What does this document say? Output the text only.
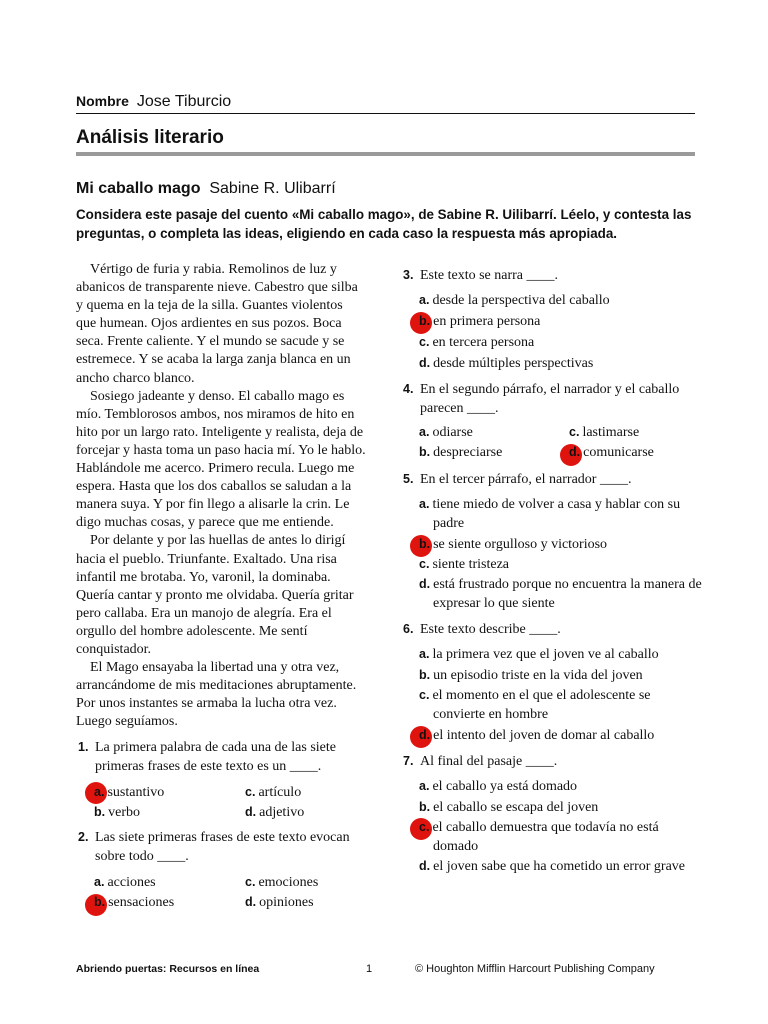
Nombre Jose Tiburcio
Análisis literario
Mi caballo mago Sabine R. Ulibarrí
Considera este pasaje del cuento «Mi caballo mago», de Sabine R. Uilibarrí. Léelo, y contesta las preguntas, o completa las ideas, eligiendo en cada caso la respuesta más apropiada.

Vértigo de furia y rabia. Remolinos de luz y abanicos de transparente nieve. Cabestro que silba y quema en la teja de la silla. Guantes violentos que humean. Ojos ardientes en sus pozos. Boca seca. Frente caliente. Y el mundo se sacude y se estremece. Y se acaba la larga zanja blanca en un ancho charco blanco.

Sosiego jadeante y denso. El caballo mago es mío. Temblorosos ambos, nos miramos de hito en hito por un largo rato. Inteligente y realista, deja de forcejar y hasta toma un paso hacia mí. Yo le hablo. Hablándole me acerco. Primero recula. Luego me espera. Hasta que los dos caballos se saludan a la manera suya. Y por fin llego a alisarle la crin. Le digo muchas cosas, y parece que me entiende.

Por delante y por las huellas de antes lo dirigí hacia el pueblo. Triunfante. Exaltado. Una risa infantil me brotaba. Yo, varonil, la dominaba. Quería cantar y pronto me olvidaba. Quería gritar pero callaba. Era un manojo de alegría. Era el orgullo del hombre adolescente. Me sentí conquistador.

El Mago ensayaba la libertad una y otra vez, arrancándome de mis meditaciones abruptamente. Por unos instantes se armaba la lucha otra vez. Luego seguíamos.

1. La primera palabra de cada una de las siete
primeras frases de este texto es un ____.
a. sustantivo
b. verbo
c. artículo
d. adjetivo
2. Las siete primeras frases de este texto evocan
sobre todo ____.
a. acciones
b. sensaciones
c. emociones
d. opiniones
3. Este texto se narra ____.
a. desde la perspectiva del caballo
b. en primera persona
c. en tercera persona
d. desde múltiples perspectivas
4. En el segundo párrafo, el narrador y el caballo
parecen ____.
a. odiarse
b. despreciarse
c. lastimarse
d. comunicarse
5. En el tercer párrafo, el narrador ____.
a. tiene miedo de volver a casa y hablar con su
padre
b. se siente orgulloso y victorioso
c. siente tristeza
d. está frustrado porque no encuentra la manera de
expresar lo que siente
6. Este texto describe ____.
a. la primera vez que el joven ve al caballo
b. un episodio triste en la vida del joven
c. el momento en el que el adolescente se
convierte en hombre
d. el intento del joven de domar al caballo
7. Al final del pasaje ____.
a. el caballo ya está domado
b. el caballo se escapa del joven
c. el caballo demuestra que todavía no está
domado
d. el joven sabe que ha cometido un error grave
Abriendo puertas: Recursos en línea	1	© Houghton Mifflin Harcourt Publishing Company
